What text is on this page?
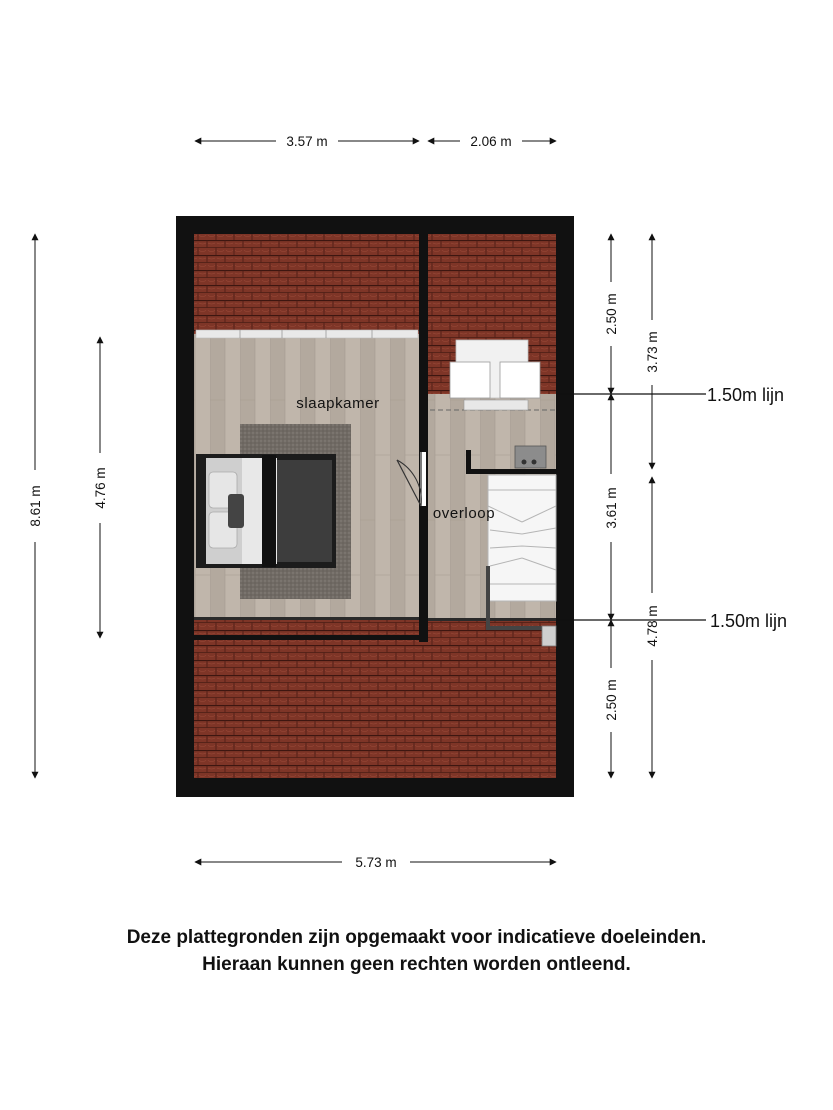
slaapkamer
overloop
3.57 m	2.06 m
5.73 m
8.61 m	4.76 m
2.50 m
3.73 m
3.61 m
4.78 m
2.50 m
1.50m lijn
1.50m lijn
Deze plattegronden zijn opgemaakt voor indicatieve doeleinden.
Hieraan kunnen geen rechten worden ontleend.
